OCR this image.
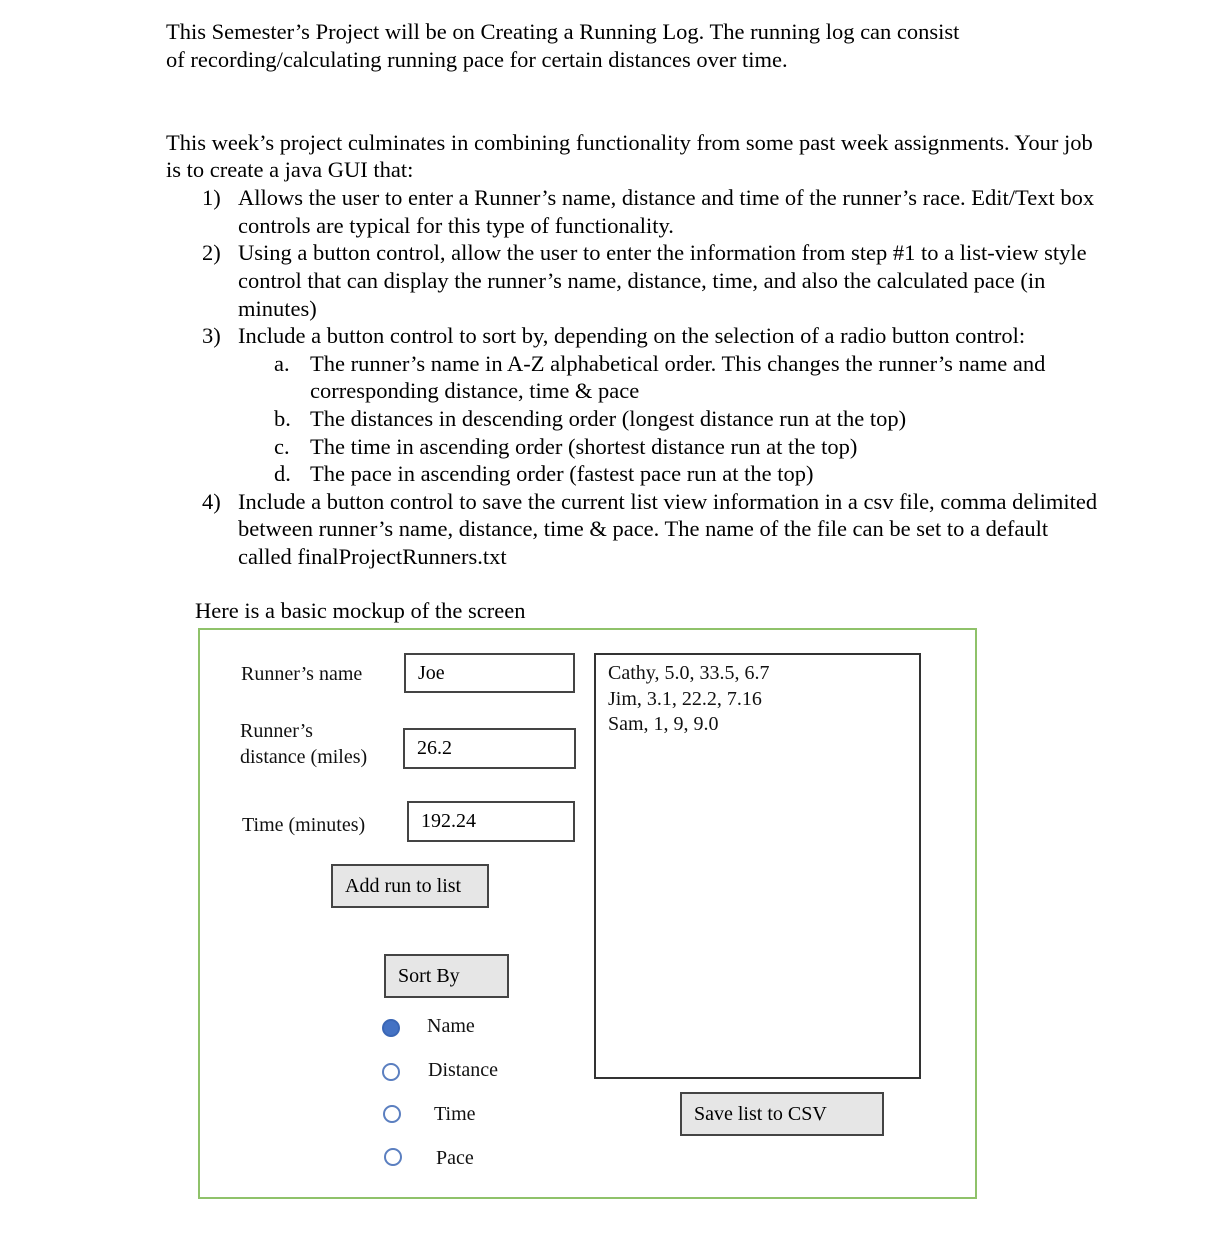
This Semester’s Project will be on Creating a Running Log. The running log can consist
of recording/calculating running pace for certain distances over time.
This week’s project culminates in combining functionality from some past week assignments. Your job
is to create a java GUI that:
1) Allows the user to enter a Runner’s name, distance and time of the runner’s race. Edit/Text box
controls are typical for this type of functionality.
2) Using a button control, allow the user to enter the information from step #1 to a list-view style
control that can display the runner’s name, distance, time, and also the calculated pace (in
minutes)
3) Include a button control to sort by, depending on the selection of a radio button control:
a. The runner’s name in A-Z alphabetical order. This changes the runner’s name and
corresponding distance, time & pace
b. The distances in descending order (longest distance run at the top)
c. The time in ascending order (shortest distance run at the top)
d. The pace in ascending order (fastest pace run at the top)
4) Include a button control to save the current list view information in a csv file, comma delimited
between runner’s name, distance, time & pace. The name of the file can be set to a default
called finalProjectRunners.txt
Here is a basic mockup of the screen
Runner’s name	Joe
Runner’s
distance (miles)	26.2
Time (minutes)	192.24
Add run to list
Sort By
Name
Distance
Time
Pace
Cathy, 5.0, 33.5, 6.7
Jim, 3.1, 22.2, 7.16
Sam, 1, 9, 9.0
Save list to CSV
